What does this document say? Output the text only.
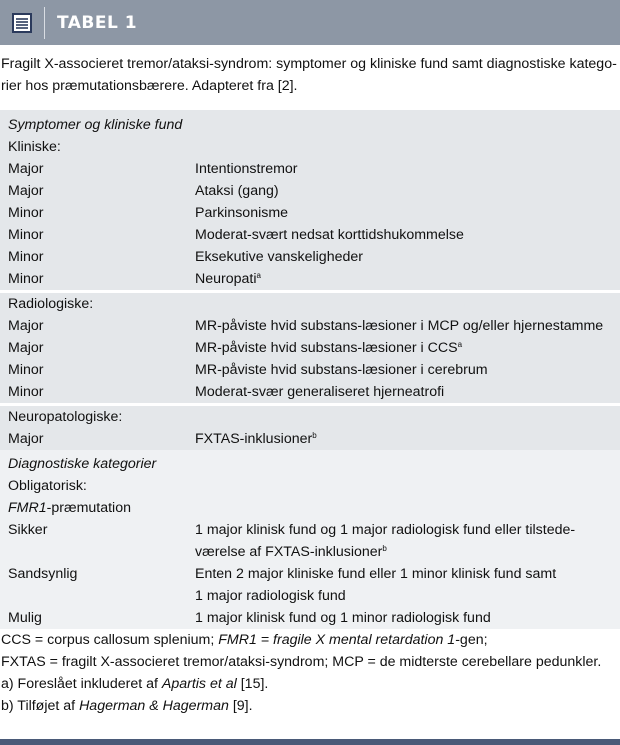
TABEL 1
Fragilt X-associeret tremor/ataksi-syndrom: symptomer og kliniske fund samt diagnostiske katego-
rier hos præmutationsbærere. Adapteret fra [2].
Symptomer og kliniske fund
Kliniske:
Major	Intentionstremor
Major	Ataksi (gang)
Minor	Parkinsonisme
Minor	Moderat-svært nedsat korttidshukommelse
Minor	Eksekutive vanskeligheder
Minor	Neuropati$^a$
Radiologiske:
Major	MR-påviste hvid substans-læsioner i MCP og/eller hjernestamme
Major	MR-påviste hvid substans-læsioner i CCS$^a$
Minor	MR-påviste hvid substans-læsioner i cerebrum
Minor	Moderat-svær generaliseret hjerneatrofi
Neuropatologiske:
Major	FXTAS-inklusioner$^b$
Diagnostiske kategorier
Obligatorisk:
FMR1-præmutation
Sikker	1 major klinisk fund og 1 major radiologisk fund eller tilstede-
værelse af FXTAS-inklusioner$^b$
Sandsynlig	Enten 2 major kliniske fund eller 1 minor klinisk fund samt
1 major radiologisk fund
Mulig	1 major klinisk fund og 1 minor radiologisk fund
CCS = corpus callosum splenium; FMR1 = fragile X mental retardation 1-gen;
FXTAS = fragilt X-associeret tremor/ataksi-syndrom; MCP = de midterste cerebellare pedunkler.
a) Foreslået inkluderet af Apartis et al [15].
b) Tilføjet af Hagerman & Hagerman [9].
